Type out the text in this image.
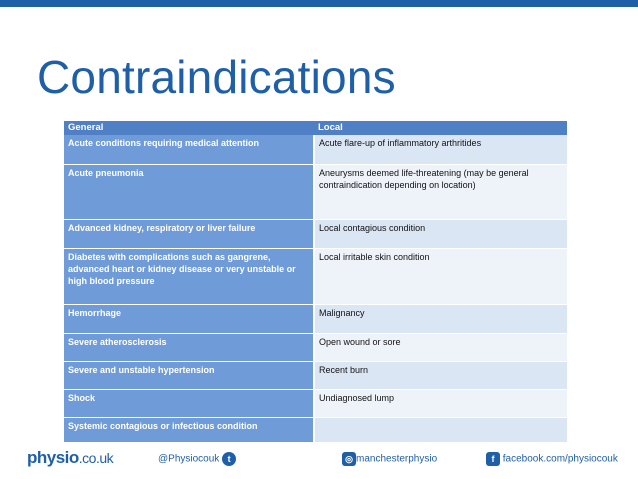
Contraindications
General	Local
Acute conditions requiring medical attention	Acute flare-up of inflammatory arthritides
Acute pneumonia	Aneurysms deemed life-threatening (may be general contraindication depending on location)
Advanced kidney, respiratory or liver failure	Local contagious condition
Diabetes with complications such as gangrene, advanced heart or kidney disease or very unstable or high blood pressure	Local irritable skin condition
Hemorrhage	Malignancy
Severe atherosclerosis	Open wound or sore
Severe and unstable hypertension	Recent burn
Shock	Undiagnosed lump
Systemic contagious or infectious condition	
physio.co.uk	@Physiocouk t	◎ manchesterphysio	f facebook.com/physiocouk
